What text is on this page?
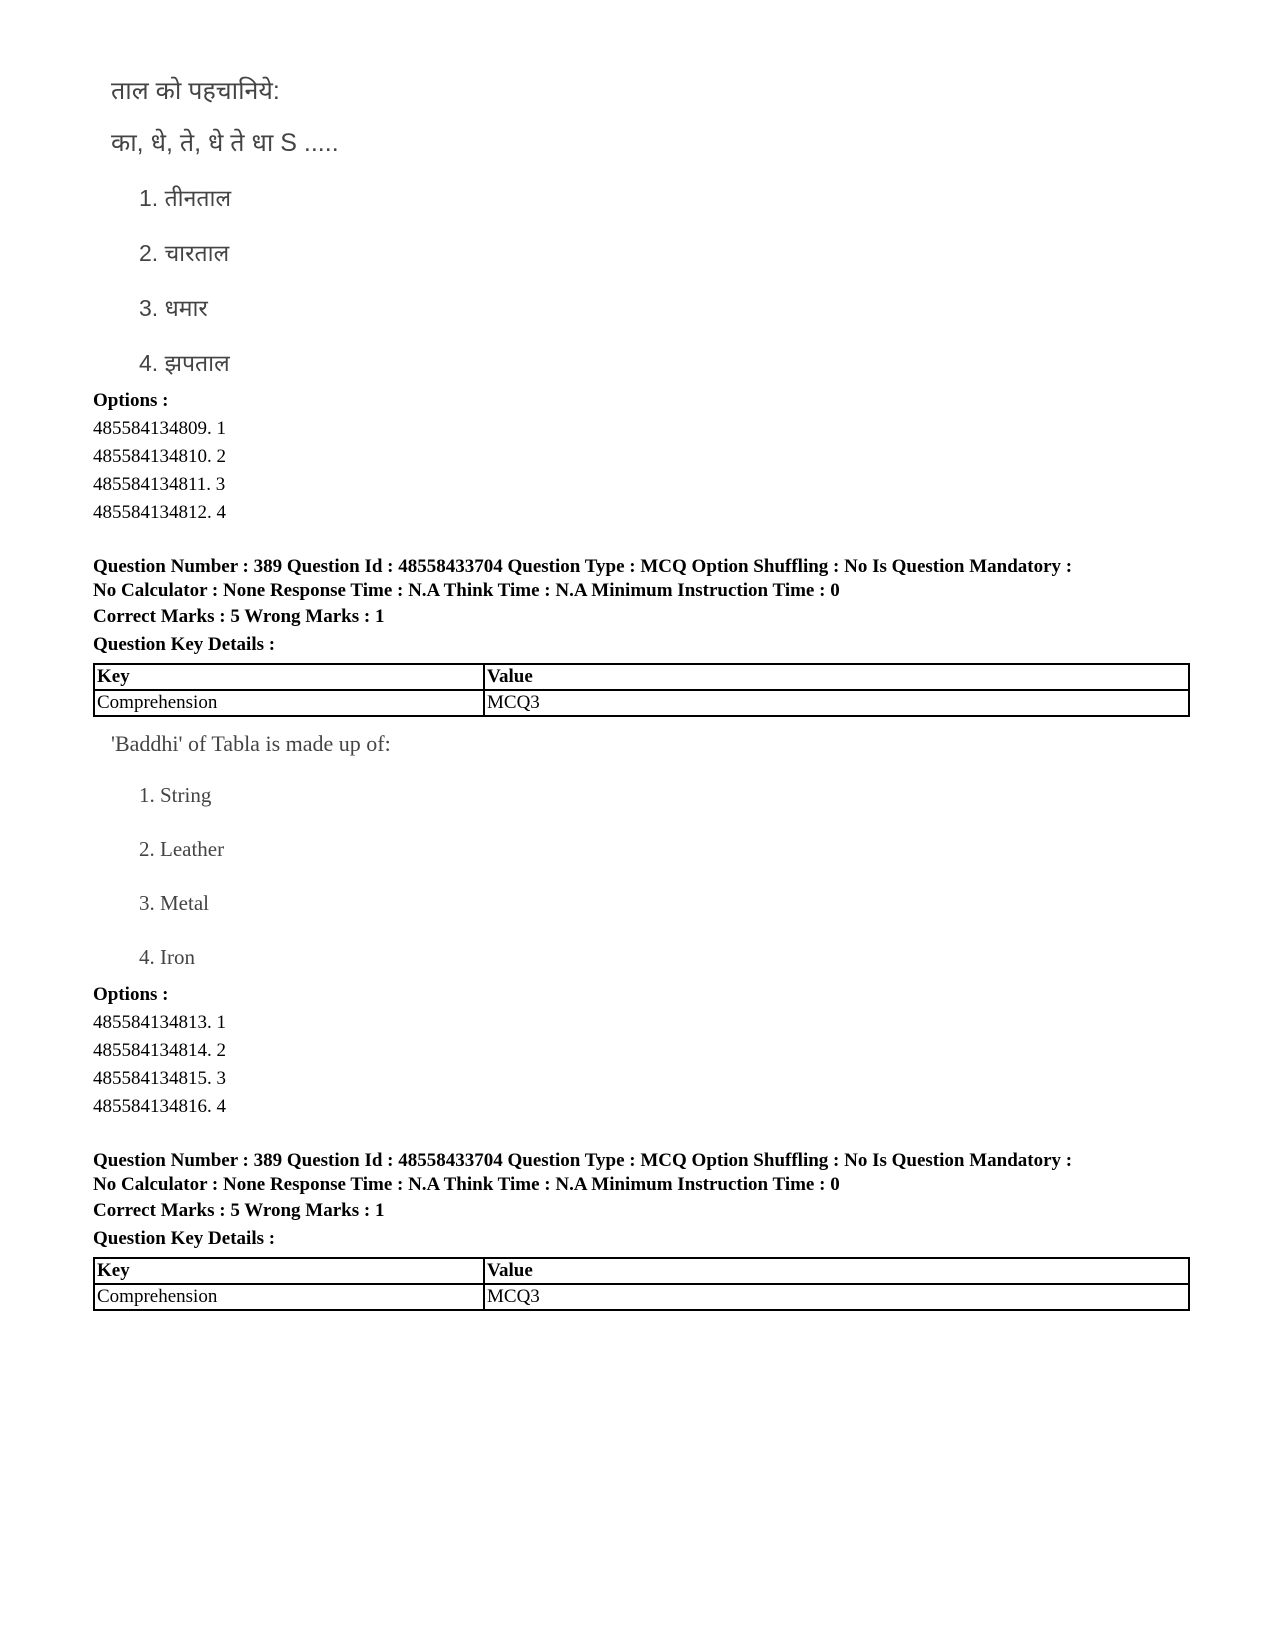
ताल को पहचानिये:
का, धे, ते, धे ते धा S .....
1. तीनताल
2. चारताल
3. धमार
4. झपताल
Options :
485584134809. 1
485584134810. 2
485584134811. 3
485584134812. 4
Question Number : 389 Question Id : 48558433704 Question Type : MCQ Option Shuffling : No Is Question Mandatory :
No Calculator : None Response Time : N.A Think Time : N.A Minimum Instruction Time : 0
Correct Marks : 5 Wrong Marks : 1
Question Key Details :
Key	Value
Comprehension	MCQ3
'Baddhi' of Tabla is made up of:
1. String
2. Leather
3. Metal
4. Iron
Options :
485584134813. 1
485584134814. 2
485584134815. 3
485584134816. 4
Question Number : 389 Question Id : 48558433704 Question Type : MCQ Option Shuffling : No Is Question Mandatory :
No Calculator : None Response Time : N.A Think Time : N.A Minimum Instruction Time : 0
Correct Marks : 5 Wrong Marks : 1
Question Key Details :
Key	Value
Comprehension	MCQ3
